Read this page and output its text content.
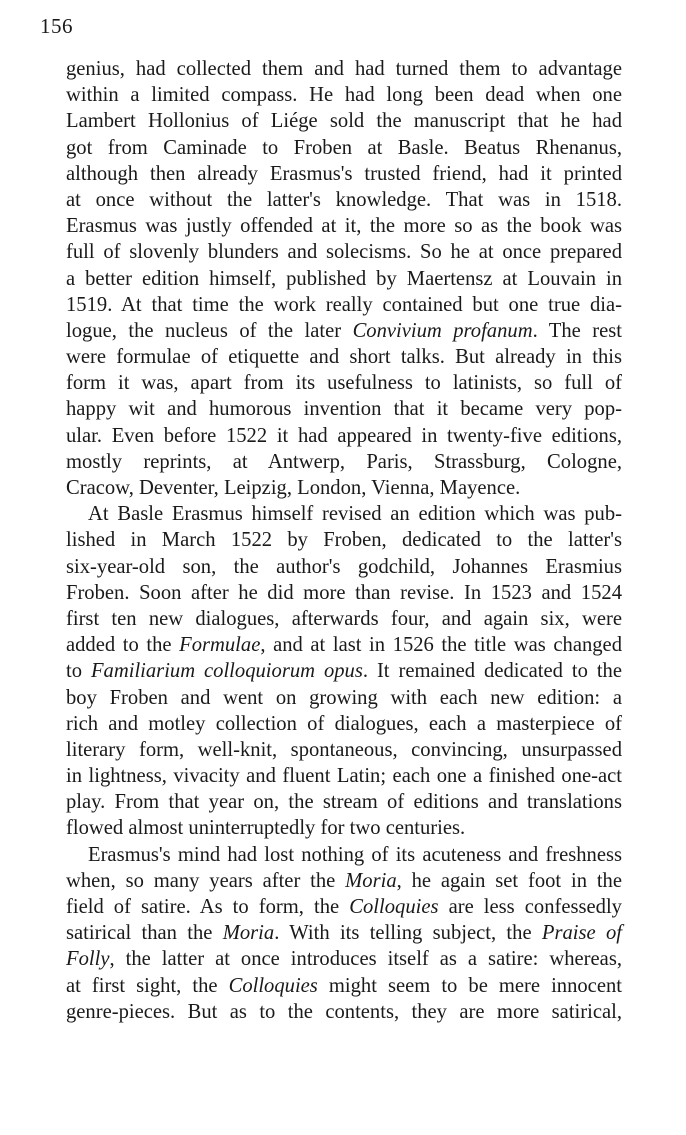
156
genius, had collected them and had turned them to advantage
within a limited compass. He had long been dead when one
Lambert Hollonius of Liége sold the manuscript that he had
got from Caminade to Froben at Basle. Beatus Rhenanus,
although then already Erasmus's trusted friend, had it printed
at once without the latter's knowledge. That was in 1518.
Erasmus was justly offended at it, the more so as the book was
full of slovenly blunders and solecisms. So he at once prepared
a better edition himself, published by Maertensz at Louvain in
1519. At that time the work really contained but one true dia-
logue, the nucleus of the later Convivium profanum. The rest
were formulae of etiquette and short talks. But already in this
form it was, apart from its usefulness to latinists, so full of
happy wit and humorous invention that it became very pop-
ular. Even before 1522 it had appeared in twenty-five editions,
mostly reprints, at Antwerp, Paris, Strassburg, Cologne,
Cracow, Deventer, Leipzig, London, Vienna, Mayence.
At Basle Erasmus himself revised an edition which was pub-
lished in March 1522 by Froben, dedicated to the latter's
six-year-old son, the author's godchild, Johannes Erasmius
Froben. Soon after he did more than revise. In 1523 and 1524
first ten new dialogues, afterwards four, and again six, were
added to the Formulae, and at last in 1526 the title was changed
to Familiarium colloquiorum opus. It remained dedicated to the
boy Froben and went on growing with each new edition: a
rich and motley collection of dialogues, each a masterpiece of
literary form, well-knit, spontaneous, convincing, unsurpassed
in lightness, vivacity and fluent Latin; each one a finished one-act
play. From that year on, the stream of editions and translations
flowed almost uninterruptedly for two centuries.
Erasmus's mind had lost nothing of its acuteness and freshness
when, so many years after the Moria, he again set foot in the
field of satire. As to form, the Colloquies are less confessedly
satirical than the Moria. With its telling subject, the Praise of
Folly, the latter at once introduces itself as a satire: whereas,
at first sight, the Colloquies might seem to be mere innocent
genre-pieces. But as to the contents, they are more satirical,
